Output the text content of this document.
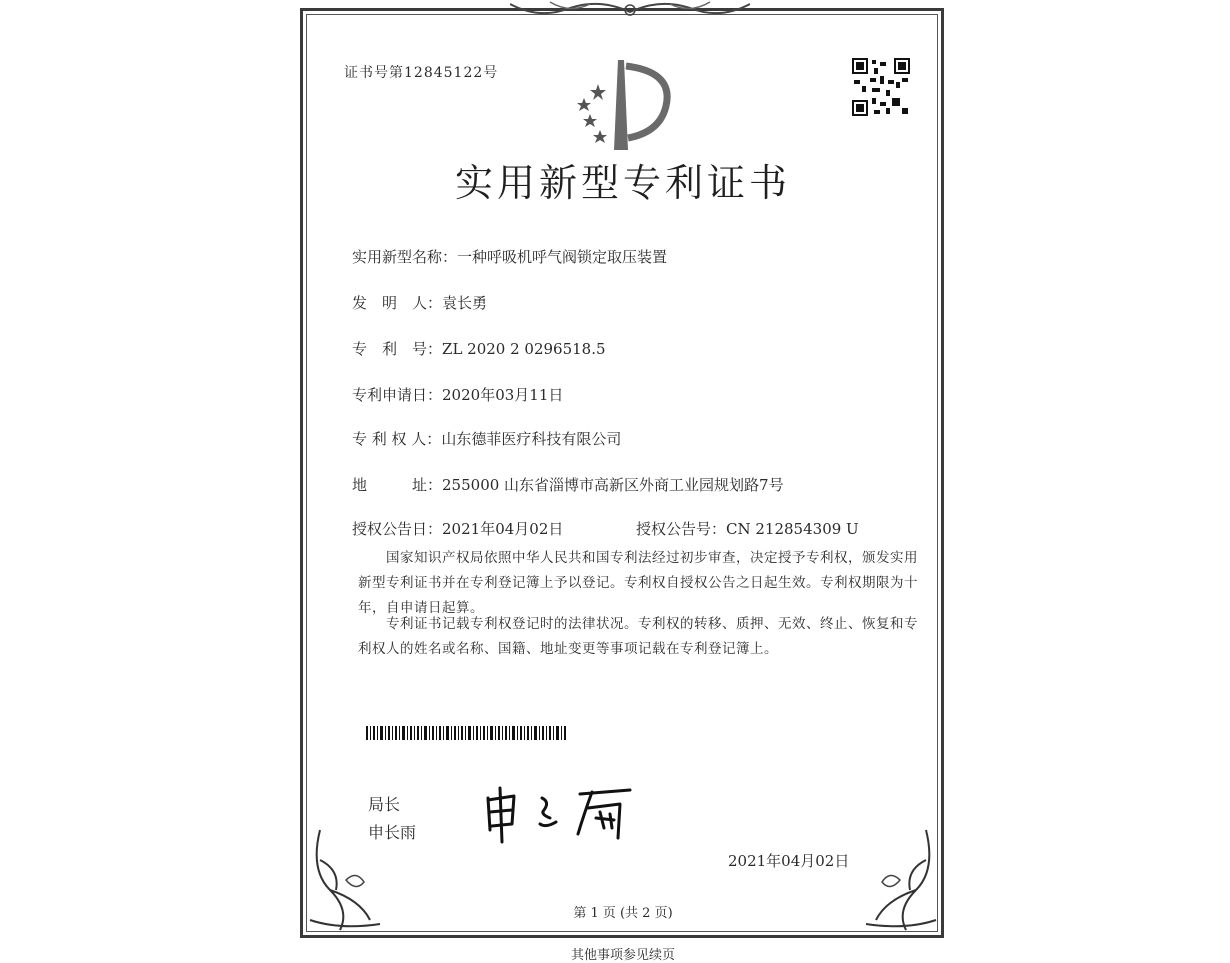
证书号第12845122号
实用新型专利证书
实用新型名称：一种呼吸机呼气阀锁定取压装置
发　明　人：袁长勇
专　利　号：ZL 2020 2 0296518.5
专利申请日：2020年03月11日
专 利 权 人：山东德菲医疗科技有限公司
地　　　址：255000 山东省淄博市高新区外商工业园规划路7号
授权公告日：2021年04月02日	授权公告号：CN 212854309 U
国家知识产权局依照中华人民共和国专利法经过初步审查，决定授予专利权，颁发实用新型专利证书并在专利登记簿上予以登记。专利权自授权公告之日起生效。专利权期限为十年，自申请日起算。
专利证书记载专利权登记时的法律状况。专利权的转移、质押、无效、终止、恢复和专利权人的姓名或名称、国籍、地址变更等事项记载在专利登记簿上。
局长
申长雨
2021年04月02日
第 1 页 (共 2 页)
其他事项参见续页
